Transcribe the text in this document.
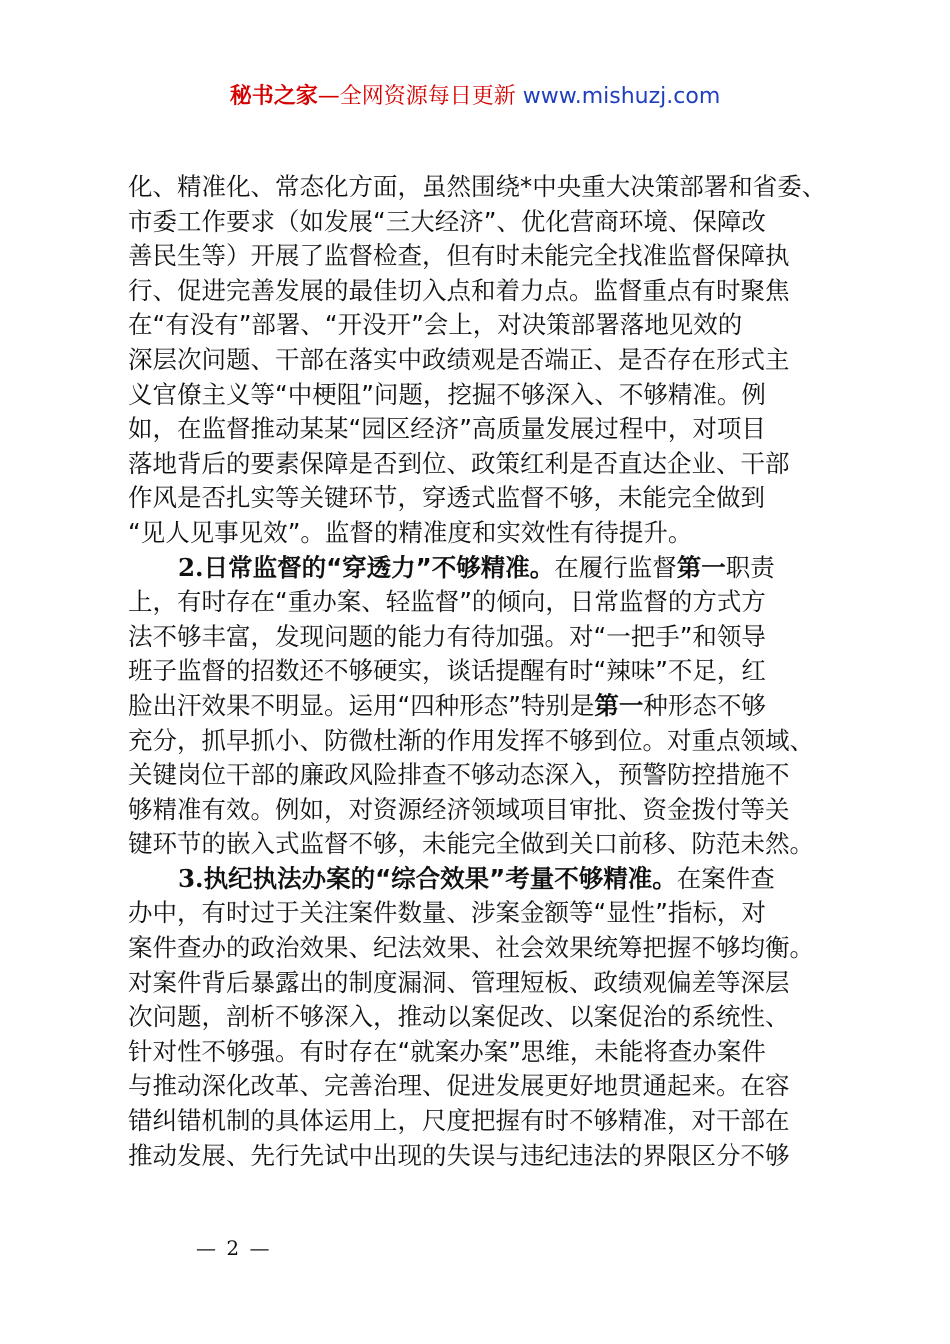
秘书之家—全网资源每日更新 www.mishuzj.com
化、精准化、常态化方面，虽然围绕*中央重大决策部署和省委、
市委工作要求（如发展“三大经济”、优化营商环境、保障改
善民生等）开展了监督检查，但有时未能完全找准监督保障执
行、促进完善发展的最佳切入点和着力点。监督重点有时聚焦
在“有没有”部署、“开没开”会上，对决策部署落地见效的
深层次问题、干部在落实中政绩观是否端正、是否存在形式主
义官僚主义等“中梗阻”问题，挖掘不够深入、不够精准。例
如，在监督推动某某“园区经济”高质量发展过程中，对项目
落地背后的要素保障是否到位、政策红利是否直达企业、干部
作风是否扎实等关键环节，穿透式监督不够，未能完全做到
“见人见事见效”。监督的精准度和实效性有待提升。
2.日常监督的“穿透力”不够精准。在履行监督第一职责
上，有时存在“重办案、轻监督”的倾向，日常监督的方式方
法不够丰富，发现问题的能力有待加强。对“一把手”和领导
班子监督的招数还不够硬实，谈话提醒有时“辣味”不足，红
脸出汗效果不明显。运用“四种形态”特别是第一种形态不够
充分，抓早抓小、防微杜渐的作用发挥不够到位。对重点领域、
关键岗位干部的廉政风险排查不够动态深入，预警防控措施不
够精准有效。例如，对资源经济领域项目审批、资金拨付等关
键环节的嵌入式监督不够，未能完全做到关口前移、防范未然。
3.执纪执法办案的“综合效果”考量不够精准。在案件查
办中，有时过于关注案件数量、涉案金额等“显性”指标，对
案件查办的政治效果、纪法效果、社会效果统筹把握不够均衡。
对案件背后暴露出的制度漏洞、管理短板、政绩观偏差等深层
次问题，剖析不够深入，推动以案促改、以案促治的系统性、
针对性不够强。有时存在“就案办案”思维，未能将查办案件
与推动深化改革、完善治理、促进发展更好地贯通起来。在容
错纠错机制的具体运用上，尺度把握有时不够精准，对干部在
推动发展、先行先试中出现的失误与违纪违法的界限区分不够
— 2 —
